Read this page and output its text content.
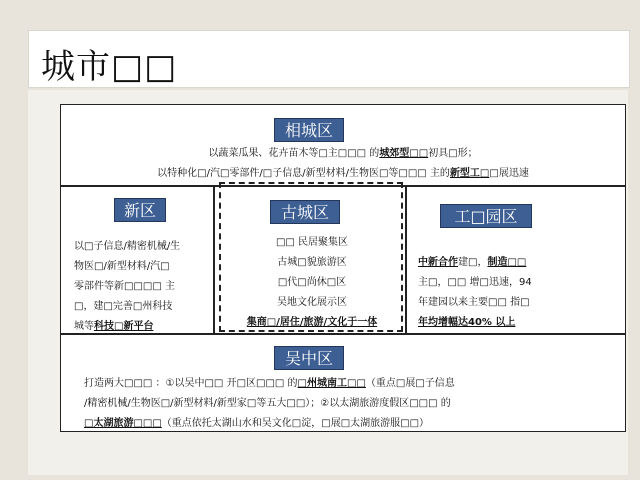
城市□□
相城区
以蔬菜瓜果、花卉苗木等□主□□□ 的城郊型□□初具□形；
以特种化□/汽□零部件/□子信息/新型材料/生物医□等□□□ 主的新型工□□展迅速
新区
以□子信息/精密机械/生
物医□/新型材料/汽□
零部件等新□□□□ 主
□，建□完善□州科技
城等科技□新平台
古城区
□□ 民居聚集区
古城□貌旅游区
□代□尚休□区
吴地文化展示区
集商□/居住/旅游/文化于一体
工□园区
中新合作建□，制造□□
主□，□□ 增□迅速，94
年建园以来主要□□ 指□
年均增幅达40% 以上
吴中区
打造两大□□□ ：①以吴中□□ 开□区□□□ 的□州城南工□□（重点□展□子信息
/精密机械/生物医□/新型材料/新型家□等五大□□）；②以太湖旅游度假区□□□ 的
□太湖旅游□□□（重点依托太湖山水和吴文化□淀，□展□太湖旅游服□□）
